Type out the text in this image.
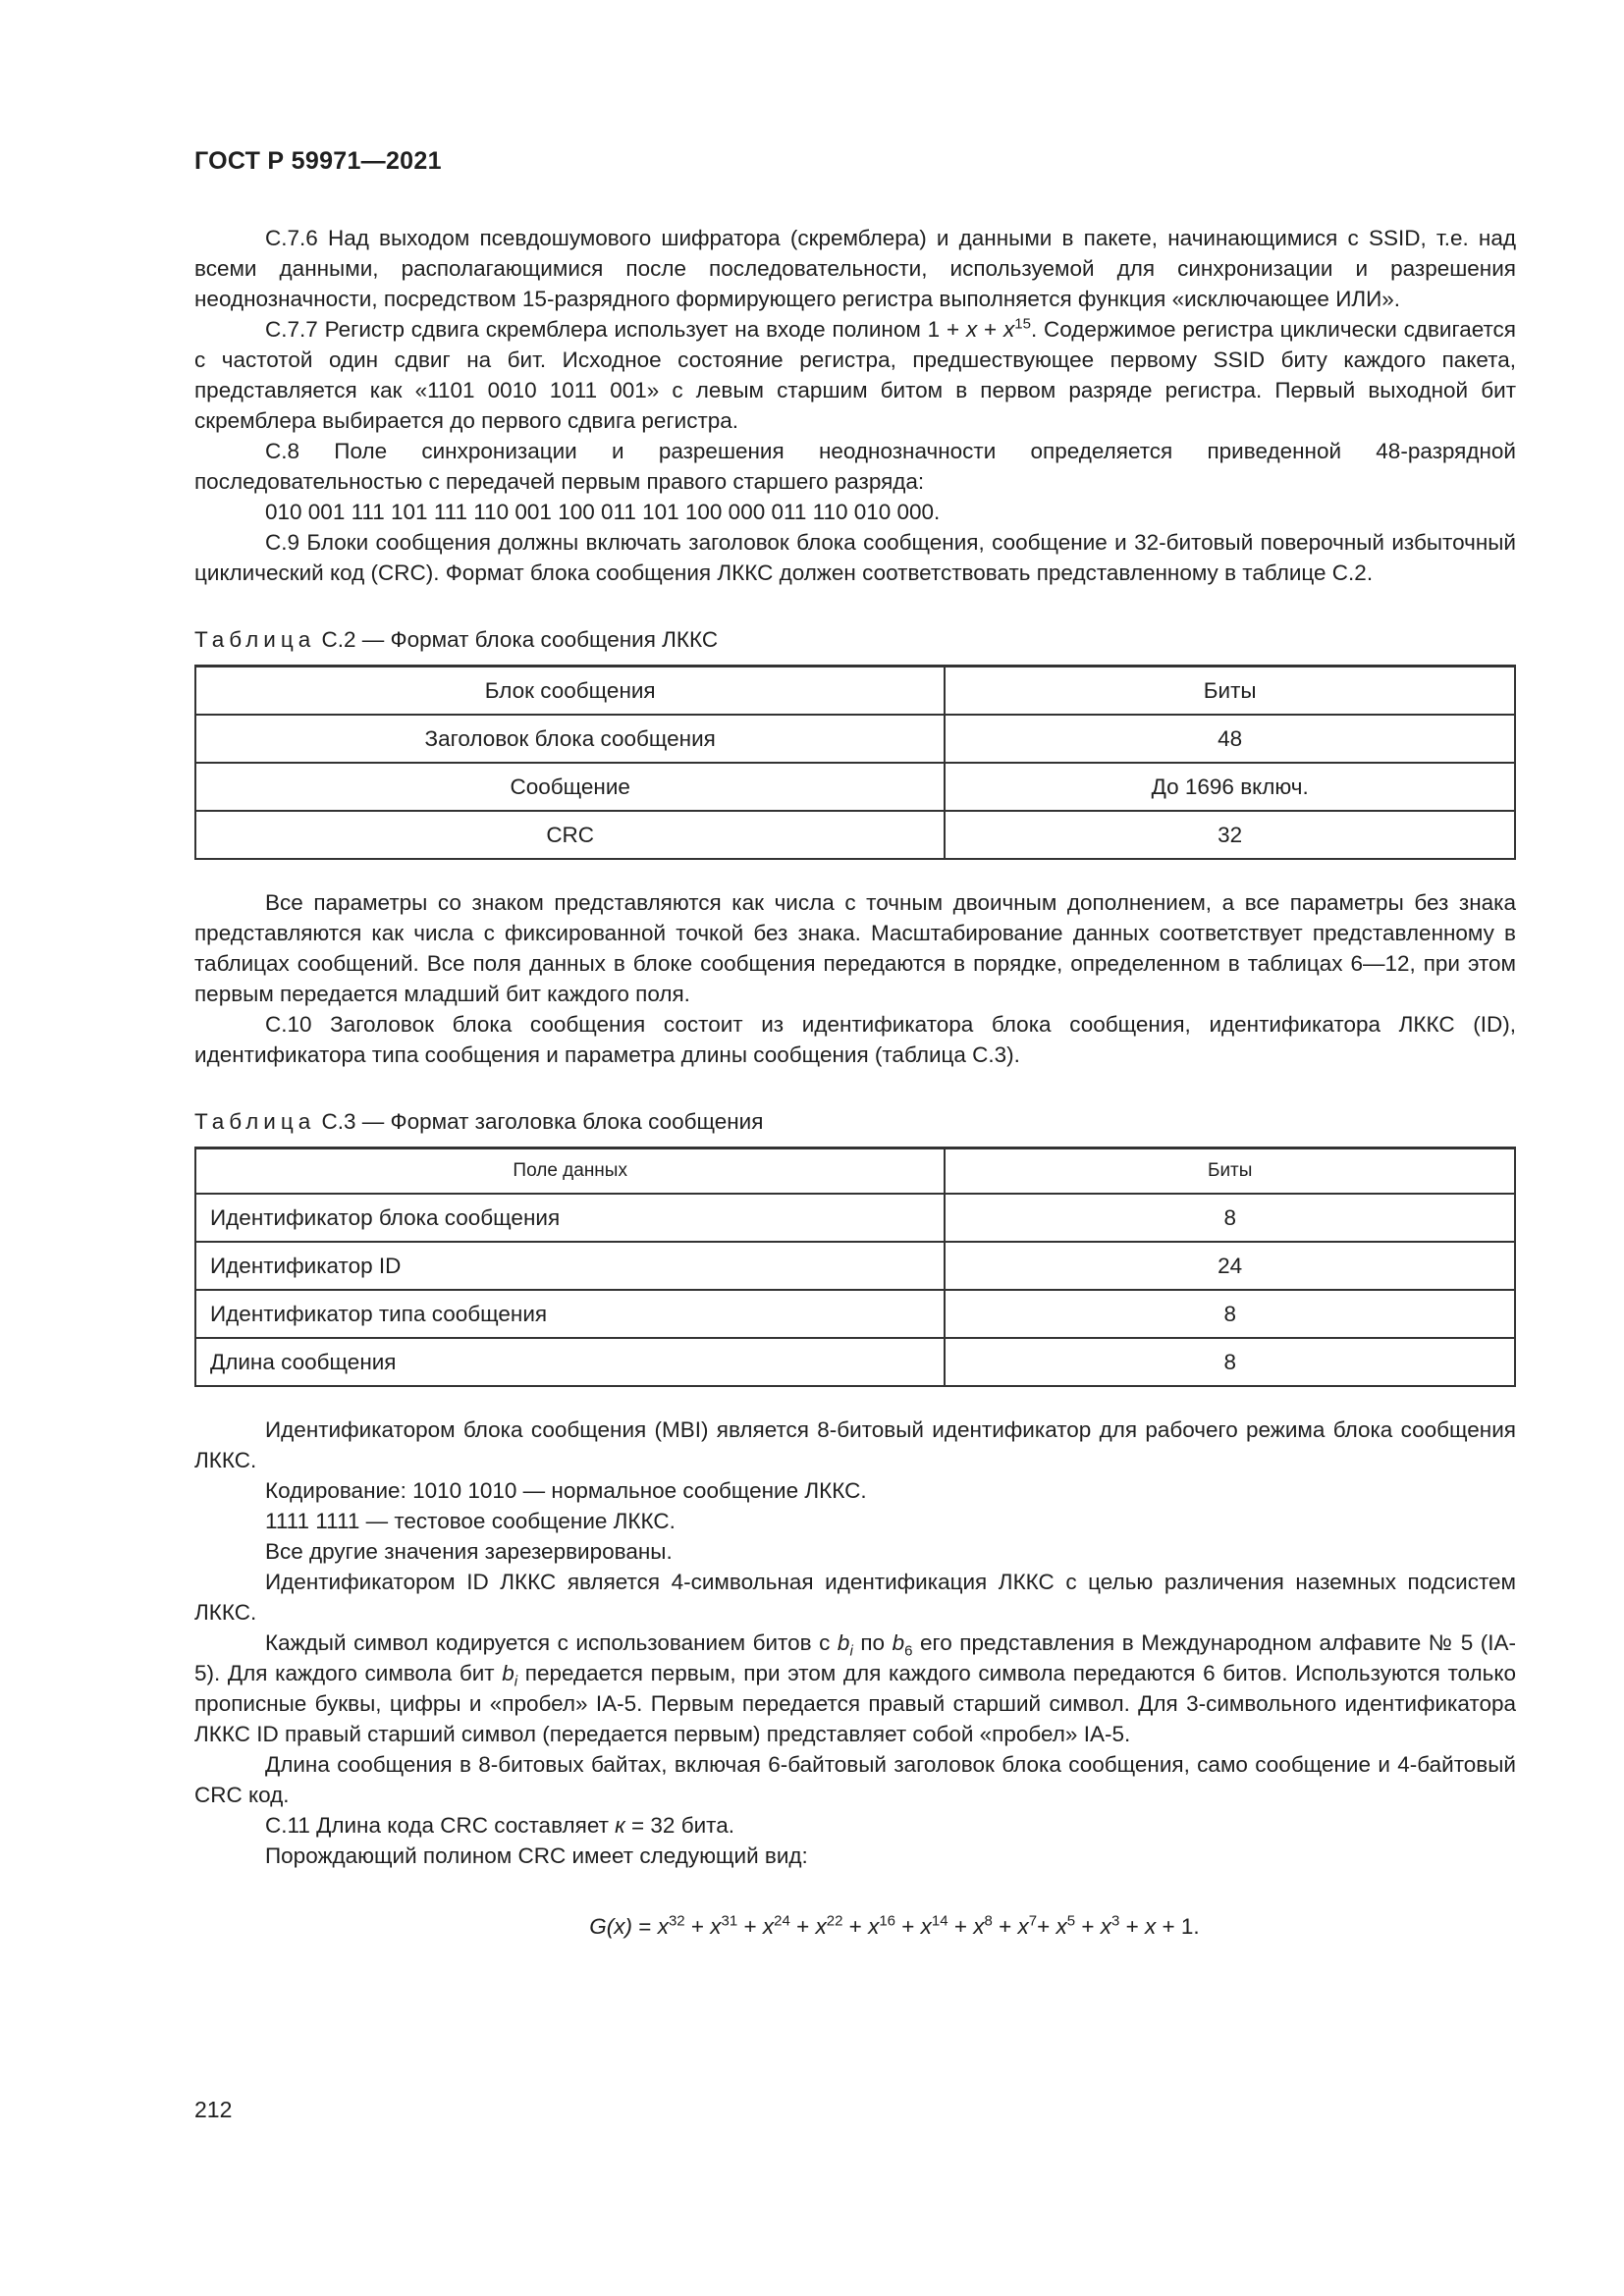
ГОСТ Р 59971—2021

С.7.6 Над выходом псевдошумового шифратора (скремблера) и данными в пакете, начинающимися с SSID, т.е. над всеми данными, располагающимися после последовательности, используемой для синхронизации и разрешения неоднозначности, посредством 15-разрядного формирующего регистра выполняется функция «исключающее ИЛИ».

С.7.7 Регистр сдвига скремблера использует на входе полином $1 + x + x^{15}$. Содержимое регистра циклически сдвигается с частотой один сдвиг на бит. Исходное состояние регистра, предшествующее первому SSID биту каждого пакета, представляется как «1101 0010 1011 001» с левым старшим битом в первом разряде регистра. Первый выходной бит скремблера выбирается до первого сдвига регистра.

С.8 Поле синхронизации и разрешения неоднозначности определяется приведенной 48-разрядной последовательностью с передачей первым правого старшего разряда:

010 001 111 101 111 110 001 100 011 101 100 000 011 110 010 000.

С.9 Блоки сообщения должны включать заголовок блока сообщения, сообщение и 32-битовый поверочный избыточный циклический код (CRC). Формат блока сообщения ЛККС должен соответствовать представленному в таблице С.2.

Таблица С.2 — Формат блока сообщения ЛККС
Блок сообщения	Биты
Заголовок блока сообщения	48
Сообщение	До 1696 включ.
CRC	32

Все параметры со знаком представляются как числа с точным двоичным дополнением, а все параметры без знака представляются как числа с фиксированной точкой без знака. Масштабирование данных соответствует представленному в таблицах сообщений. Все поля данных в блоке сообщения передаются в порядке, определенном в таблицах 6—12, при этом первым передается младший бит каждого поля.

С.10 Заголовок блока сообщения состоит из идентификатора блока сообщения, идентификатора ЛККС (ID), идентификатора типа сообщения и параметра длины сообщения (таблица С.3).

Таблица С.3 — Формат заголовка блока сообщения
Поле данных	Биты
Идентификатор блока сообщения	8
Идентификатор ID	24
Идентификатор типа сообщения	8
Длина сообщения	8

Идентификатором блока сообщения (MBI) является 8-битовый идентификатор для рабочего режима блока сообщения ЛККС.

Кодирование: 1010 1010 — нормальное сообщение ЛККС.

1111 1111 — тестовое сообщение ЛККС.

Все другие значения зарезервированы.

Идентификатором ID ЛККС является 4-символьная идентификация ЛККС с целью различения наземных подсистем ЛККС.

Каждый символ кодируется с использованием битов с $b_i$ по $b_6$ его представления в Международном алфавите № 5 (IA-5). Для каждого символа бит $b_i$ передается первым, при этом для каждого символа передаются 6 битов. Используются только прописные буквы, цифры и «пробел» IA-5. Первым передается правый старший символ. Для 3-символьного идентификатора ЛККС ID правый старший символ (передается первым) представляет собой «пробел» IA-5.

Длина сообщения в 8-битовых байтах, включая 6-байтовый заголовок блока сообщения, само сообщение и 4-байтовый CRC код.

С.11 Длина кода CRC составляет к = 32 бита.

Порождающий полином CRC имеет следующий вид:

$G(x) = x^{32} + x^{31} + x^{24} + x^{22} + x^{16} + x^{14} + x^8 + x^7+ x^5 + x^3 + x + 1$.
212
